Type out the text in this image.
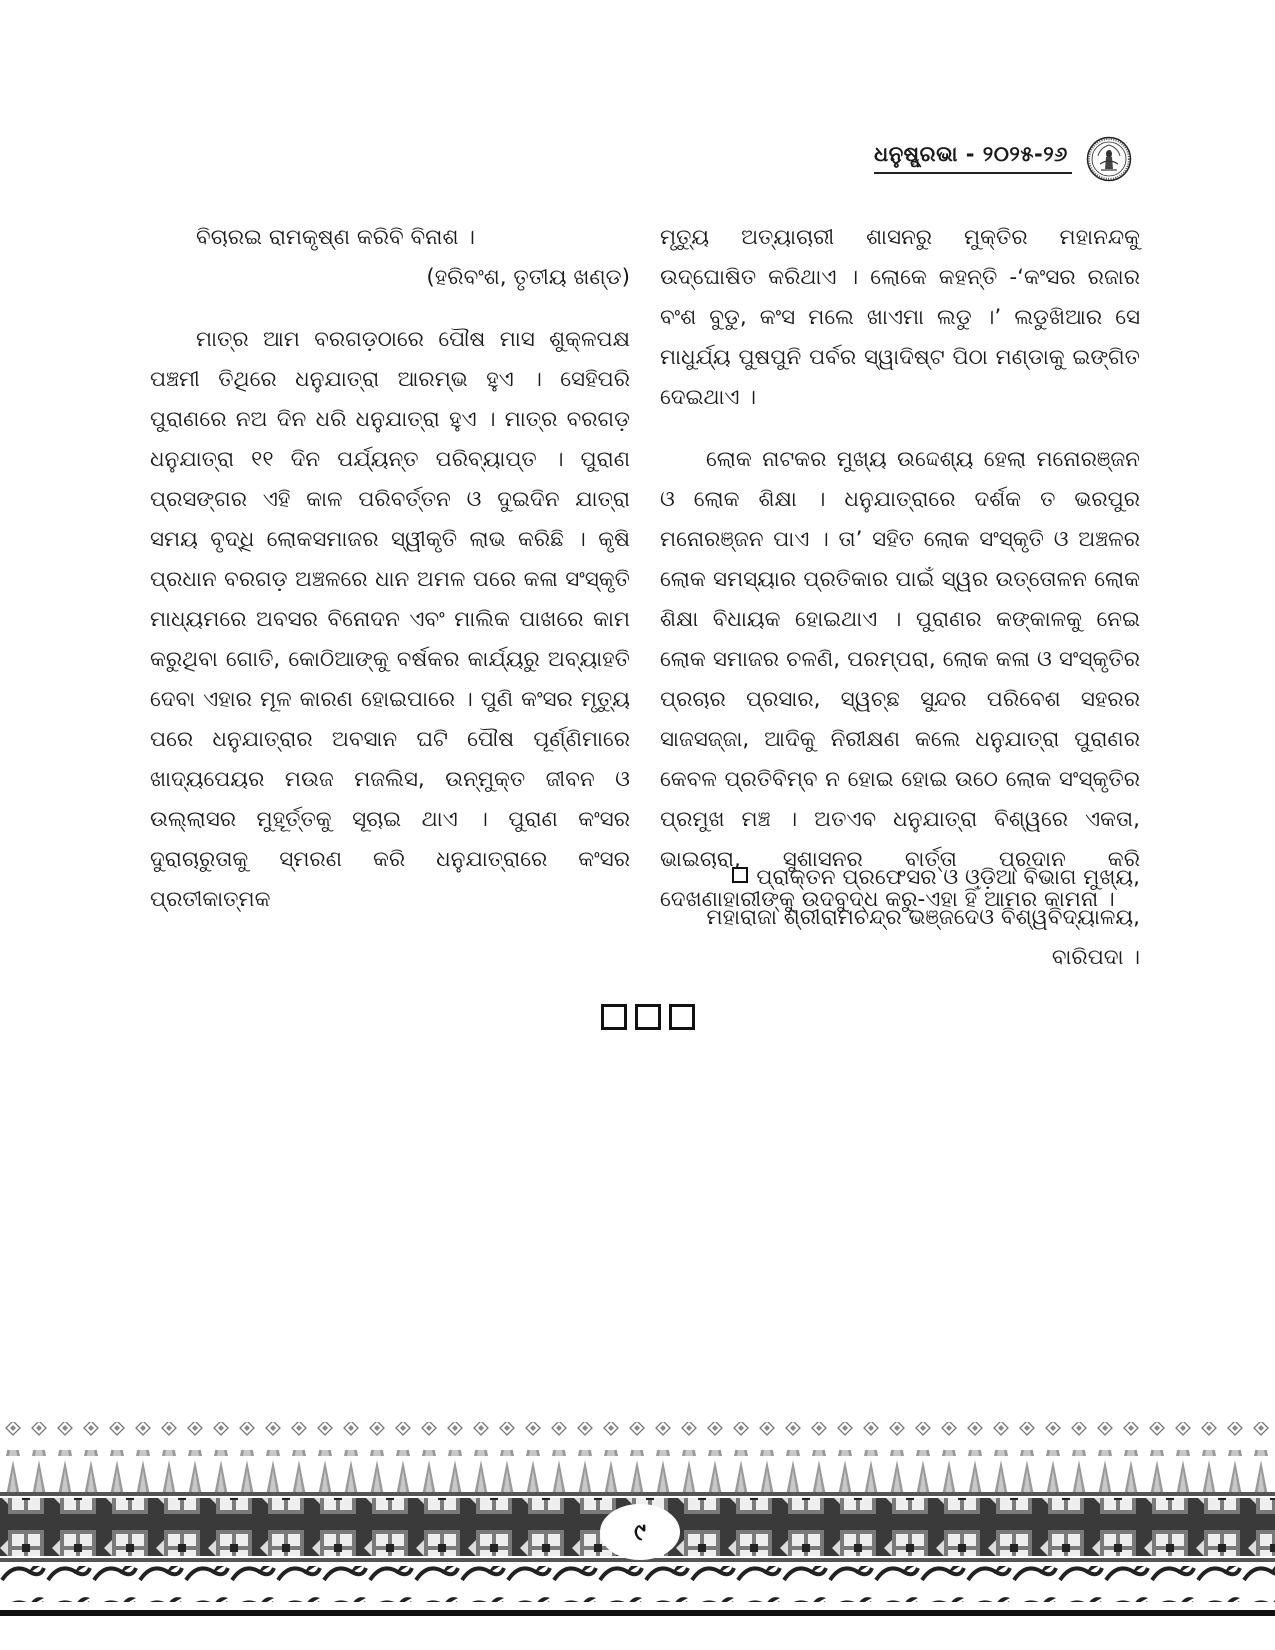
ଧନୁଷ୍ପ୍ରଭା - ୨୦୨୫-୨୬

ବିଚାରଇ ରାମକୃଷ୍ଣ କରିବି ବିନାଶ ।

(ହରିବଂଶ, ତୃତୀୟ ଖଣ୍ଡ)

ମାତ୍ର ଆମ ବରଗଡ଼ଠାରେ ପୌଷ ମାସ ଶୁକ୍ଳପକ୍ଷ ପଞ୍ଚମୀ ତିଥିରେ ଧନୁଯାତ୍ରା ଆରମ୍ଭ ହୁଏ । ସେହିପରି ପୁରାଣରେ ନଅ ଦିନ ଧରି ଧନୁଯାତ୍ରା ହୁଏ । ମାତ୍ର ବରଗଡ଼ ଧନୁଯାତ୍ରା ୧୧ ଦିନ ପର୍ଯ୍ୟନ୍ତ ପରିବ୍ୟାପ୍ତ । ପୁରାଣ ପ୍ରସଙ୍ଗର ଏହି କାଳ ପରିବର୍ତ୍ତନ ଓ ଦୁଇଦିନ ଯାତ୍ରା ସମୟ ବୃଦ୍ଧି ଲୋକସମାଜର ସ୍ୱୀକୃତି ଲାଭ କରିଛି । କୃଷି ପ୍ରଧାନ ବରଗଡ଼ ଅଞ୍ଚଳରେ ଧାନ ଅମଳ ପରେ କଳା ସଂସ୍କୃତି ମାଧ୍ୟମରେ ଅବସର ବିନୋଦନ ଏବଂ ମାଲିକ ପାଖରେ କାମ କରୁଥିବା ଗୋତି, କୋଠିଆଙ୍କୁ ବର୍ଷକର କାର୍ଯ୍ୟରୁ ଅବ୍ୟାହତି ଦେବା ଏହାର ମୂଳ କାରଣ ହୋଇପାରେ । ପୁଣି କଂସର ମୃତ୍ୟୁ ପରେ ଧନୁଯାତ୍ରାର ଅବସାନ ଘଟି ପୌଷ ପୂର୍ଣ୍ଣିମାରେ ଖାଦ୍ୟପେୟର ମଉଜ ମଜଲିସ, ଉନ୍ମୁକ୍ତ ଜୀବନ ଓ ଉଲ୍ଲାସର ମୁହୂର୍ତ୍ତକୁ ସୂଚାଇ ଥାଏ । ପୁରାଣ କଂସର ଦୁରାଚାରୁତାକୁ ସ୍ମରଣ କରି ଧନୁଯାତ୍ରାରେ କଂସର ପ୍ରତୀକାତ୍ମକ

ମୃତ୍ୟୁ ଅତ୍ୟାଚାରୀ ଶାସନରୁ ମୁକ୍ତିର ମହାନନ୍ଦକୁ ଉଦ୍‌ଘୋଷିତ କରିଥାଏ । ଲୋକେ କହନ୍ତି -‘କଂସର ରଜାର ବଂଶ ବୁଡୁ, କଂସ ମଲେ ଖାଏମା ଲଡୁ ।’ ଲଡୁଖିଆର ସେ ମାଧୁର୍ଯ୍ୟ ପୁଷପୁନି ପର୍ବର ସ୍ୱାଦିଷ୍ଟ ପିଠା ମଣ୍ଡାକୁ ଇଙ୍ଗିତ ଦେଇଥାଏ ।

ଲୋକ ନାଟକର ମୁଖ୍ୟ ଉଦ୍ଦେଶ୍ୟ ହେଲା ମନୋରଞ୍ଜନ ଓ ଲୋକ ଶିକ୍ଷା । ଧନୁଯାତ୍ରାରେ ଦର୍ଶକ ତ ଭରପୁର ମନୋରଞ୍ଜନ ପାଏ । ତା’ ସହିତ ଲୋକ ସଂସ୍କୃତି ଓ ଅଞ୍ଚଳର ଲୋକ ସମସ୍ୟାର ପ୍ରତିକାର ପାଇଁ ସ୍ୱର ଉତ୍ତୋଳନ ଲୋକ ଶିକ୍ଷା ବିଧାୟକ ହୋଇଥାଏ । ପୁରାଣର କଙ୍କାଳକୁ ନେଇ ଲୋକ ସମାଜର ଚଳଣି, ପରମ୍ପରା, ଲୋକ କଳା ଓ ସଂସ୍କୃତିର ପ୍ରଚାର ପ୍ରସାର, ସ୍ୱଚ୍ଛ ସୁନ୍ଦର ପରିବେଶ ସହରର ସାଜସଜ୍ଜା, ଆଦିକୁ ନିରୀକ୍ଷଣ କଲେ ଧନୁଯାତ୍ରା ପୁରାଣର କେବଳ ପ୍ରତିବିମ୍ବ ନ ହୋଇ ହୋଇ ଉଠେ ଲୋକ ସଂସ୍କୃତିର ପ୍ରମୁଖ ମଞ୍ଚ । ଅତଏବ ଧନୁଯାତ୍ରା ବିଶ୍ୱରେ ଏକତା, ଭାଇଚାରା, ସୁଶାସନର ବାର୍ତ୍ତା ପ୍ରଦାନ କରି ଦେଖଣାହାରୀଙ୍କୁ ଉଦବୁଦ୍ଧ କରୁ-ଏହା ହିଁ ଆମର କାମନା ।

ପ୍ରାକ୍ତନ ପ୍ରଫେସର ଓ ଓଡ଼ିଆ ବିଭାଗ ମୁଖ୍ୟ,

ମହାରାଜା ଶ୍ରୀରାମଚନ୍ଦ୍ର ଭଞ୍ଜଦେଓ ବିଶ୍ୱବିଦ୍ୟାଳୟ,

ବାରିପଦା ।

୯
